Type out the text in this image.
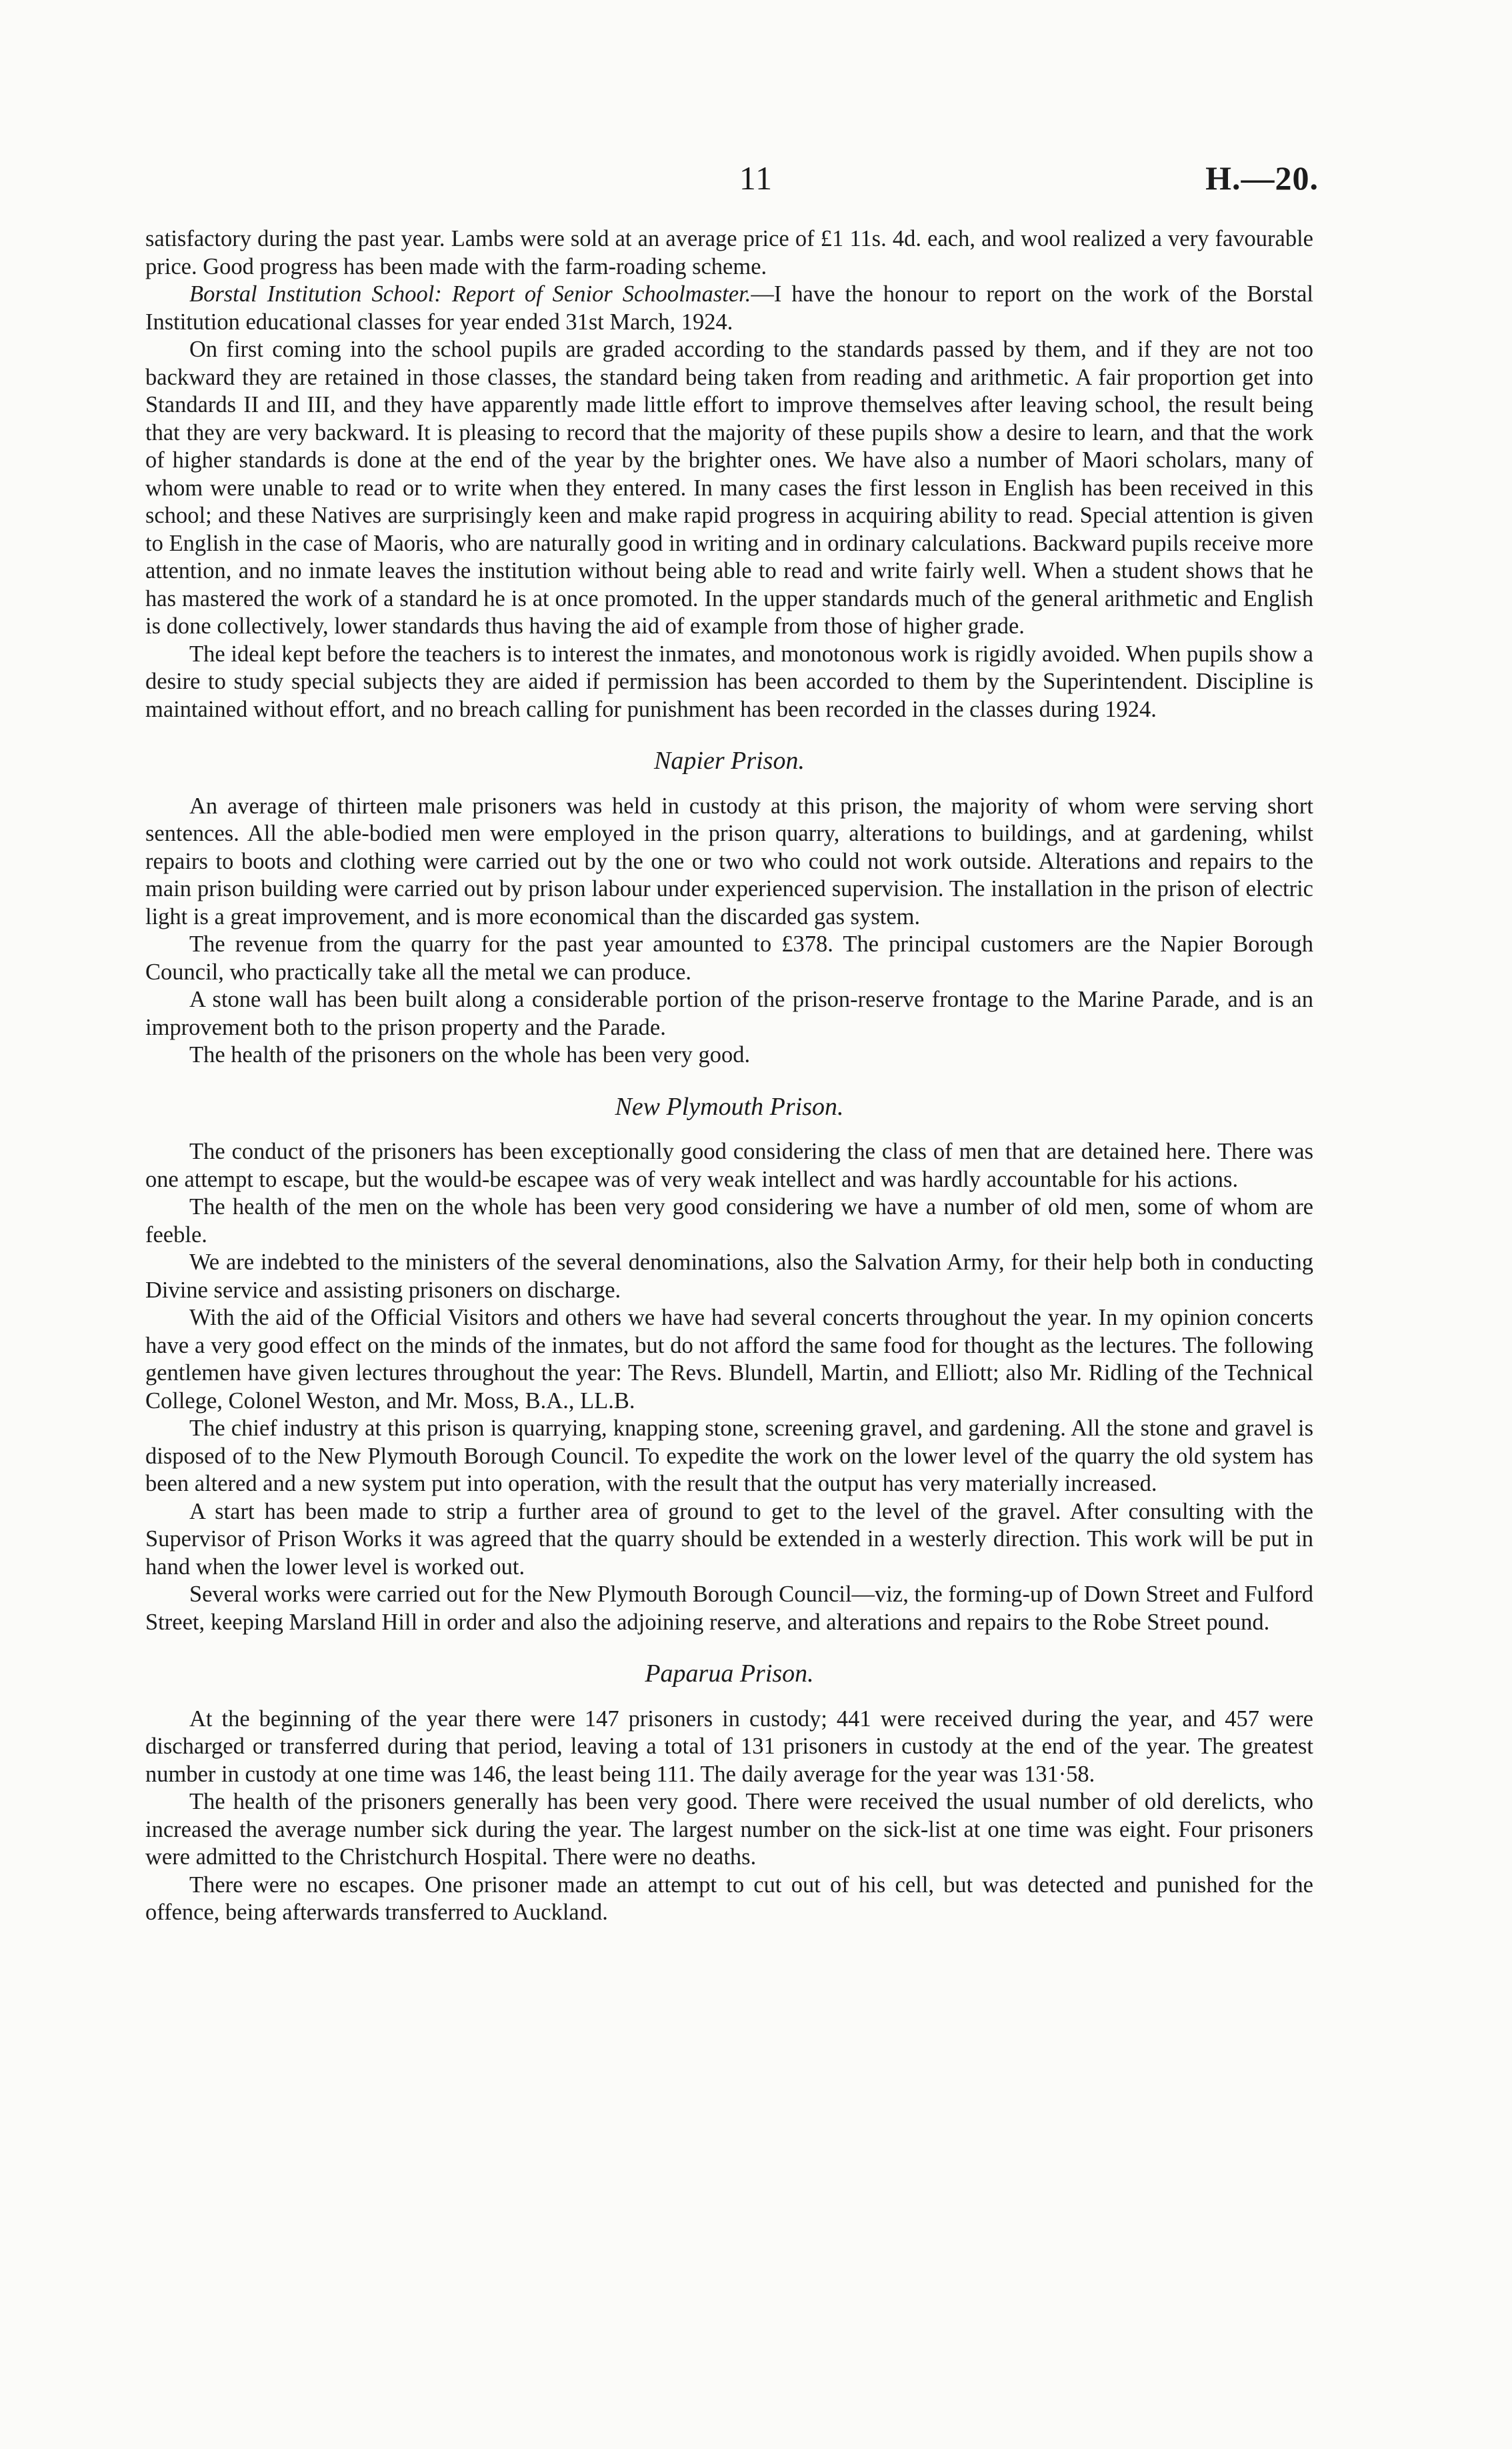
11	H.—20.

satisfactory during the past year. Lambs were sold at an average price of £1 11s. 4d. each, and wool realized a very favourable price. Good progress has been made with the farm-roading scheme.

Borstal Institution School: Report of Senior Schoolmaster.—I have the honour to report on the work of the Borstal Institution educational classes for year ended 31st March, 1924.

On first coming into the school pupils are graded according to the standards passed by them, and if they are not too backward they are retained in those classes, the standard being taken from reading and arithmetic. A fair proportion get into Standards II and III, and they have apparently made little effort to improve themselves after leaving school, the result being that they are very backward. It is pleasing to record that the majority of these pupils show a desire to learn, and that the work of higher standards is done at the end of the year by the brighter ones. We have also a number of Maori scholars, many of whom were unable to read or to write when they entered. In many cases the first lesson in English has been received in this school; and these Natives are surprisingly keen and make rapid progress in acquiring ability to read. Special attention is given to English in the case of Maoris, who are naturally good in writing and in ordinary calculations. Backward pupils receive more attention, and no inmate leaves the institution without being able to read and write fairly well. When a student shows that he has mastered the work of a standard he is at once promoted. In the upper standards much of the general arithmetic and English is done collectively, lower standards thus having the aid of example from those of higher grade.

The ideal kept before the teachers is to interest the inmates, and monotonous work is rigidly avoided. When pupils show a desire to study special subjects they are aided if permission has been accorded to them by the Superintendent. Discipline is maintained without effort, and no breach calling for punishment has been recorded in the classes during 1924.

Napier Prison.

An average of thirteen male prisoners was held in custody at this prison, the majority of whom were serving short sentences. All the able-bodied men were employed in the prison quarry, alterations to buildings, and at gardening, whilst repairs to boots and clothing were carried out by the one or two who could not work outside. Alterations and repairs to the main prison building were carried out by prison labour under experienced supervision. The installation in the prison of electric light is a great improvement, and is more economical than the discarded gas system.

The revenue from the quarry for the past year amounted to £378. The principal customers are the Napier Borough Council, who practically take all the metal we can produce.

A stone wall has been built along a considerable portion of the prison-reserve frontage to the Marine Parade, and is an improvement both to the prison property and the Parade.

The health of the prisoners on the whole has been very good.

New Plymouth Prison.

The conduct of the prisoners has been exceptionally good considering the class of men that are detained here. There was one attempt to escape, but the would-be escapee was of very weak intellect and was hardly accountable for his actions.

The health of the men on the whole has been very good considering we have a number of old men, some of whom are feeble.

We are indebted to the ministers of the several denominations, also the Salvation Army, for their help both in conducting Divine service and assisting prisoners on discharge.

With the aid of the Official Visitors and others we have had several concerts throughout the year. In my opinion concerts have a very good effect on the minds of the inmates, but do not afford the same food for thought as the lectures. The following gentlemen have given lectures throughout the year: The Revs. Blundell, Martin, and Elliott; also Mr. Ridling of the Technical College, Colonel Weston, and Mr. Moss, B.A., LL.B.

The chief industry at this prison is quarrying, knapping stone, screening gravel, and gardening. All the stone and gravel is disposed of to the New Plymouth Borough Council. To expedite the work on the lower level of the quarry the old system has been altered and a new system put into operation, with the result that the output has very materially increased.

A start has been made to strip a further area of ground to get to the level of the gravel. After consulting with the Supervisor of Prison Works it was agreed that the quarry should be extended in a westerly direction. This work will be put in hand when the lower level is worked out.

Several works were carried out for the New Plymouth Borough Council—viz, the forming-up of Down Street and Fulford Street, keeping Marsland Hill in order and also the adjoining reserve, and alterations and repairs to the Robe Street pound.

Paparua Prison.

At the beginning of the year there were 147 prisoners in custody; 441 were received during the year, and 457 were discharged or transferred during that period, leaving a total of 131 prisoners in custody at the end of the year. The greatest number in custody at one time was 146, the least being 111. The daily average for the year was 131·58.

The health of the prisoners generally has been very good. There were received the usual number of old derelicts, who increased the average number sick during the year. The largest number on the sick-list at one time was eight. Four prisoners were admitted to the Christchurch Hospital. There were no deaths.

There were no escapes. One prisoner made an attempt to cut out of his cell, but was detected and punished for the offence, being afterwards transferred to Auckland.
